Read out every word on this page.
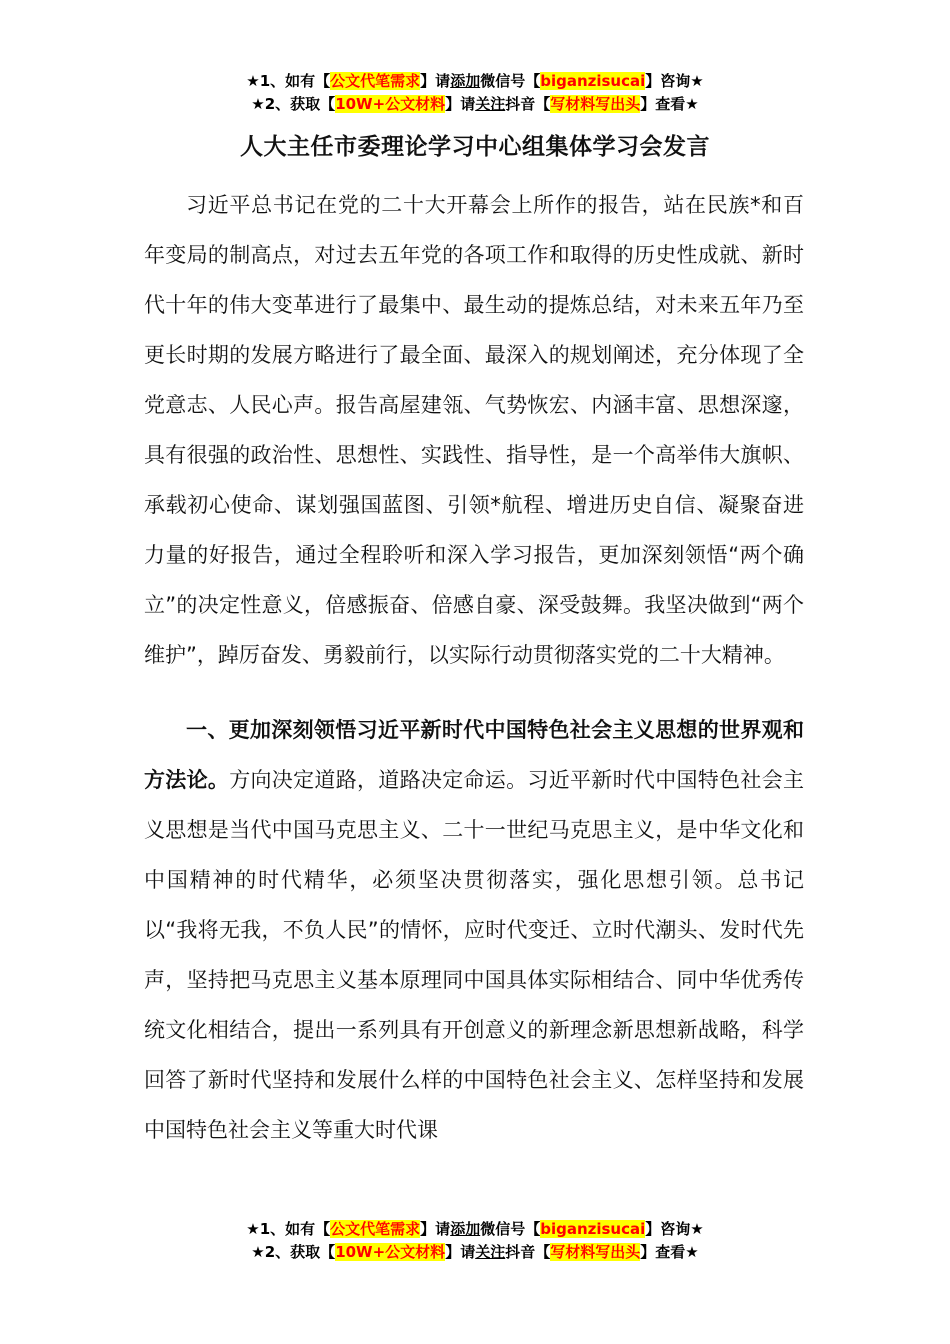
★1、如有【公文代笔需求】请添加微信号【biganzisucai】咨询★
★2、获取【10W+公文材料】请关注抖音【写材料写出头】查看★
人大主任市委理论学习中心组集体学习会发言

习近平总书记在党的二十大开幕会上所作的报告，站在民族*和百年变局的制高点，对过去五年党的各项工作和取得的历史性成就、新时代十年的伟大变革进行了最集中、最生动的提炼总结，对未来五年乃至更长时期的发展方略进行了最全面、最深入的规划阐述，充分体现了全党意志、人民心声。报告高屋建瓴、气势恢宏、内涵丰富、思想深邃，具有很强的政治性、思想性、实践性、指导性，是一个高举伟大旗帜、承载初心使命、谋划强国蓝图、引领*航程、增进历史自信、凝聚奋进力量的好报告，通过全程聆听和深入学习报告，更加深刻领悟“两个确立”的决定性意义，倍感振奋、倍感自豪、深受鼓舞。我坚决做到“两个维护”，踔厉奋发、勇毅前行，以实际行动贯彻落实党的二十大精神。

一、更加深刻领悟习近平新时代中国特色社会主义思想的世界观和方法论。方向决定道路，道路决定命运。习近平新时代中国特色社会主义思想是当代中国马克思主义、二十一世纪马克思主义，是中华文化和中国精神的时代精华，必须坚决贯彻落实，强化思想引领。总书记以“我将无我，不负人民”的情怀，应时代变迁、立时代潮头、发时代先声，坚持把马克思主义基本原理同中国具体实际相结合、同中华优秀传统文化相结合，提出一系列具有开创意义的新理念新思想新战略，科学回答了新时代坚持和发展什么样的中国特色社会主义、怎样坚持和发展中国特色社会主义等重大时代课

★1、如有【公文代笔需求】请添加微信号【biganzisucai】咨询★
★2、获取【10W+公文材料】请关注抖音【写材料写出头】查看★
